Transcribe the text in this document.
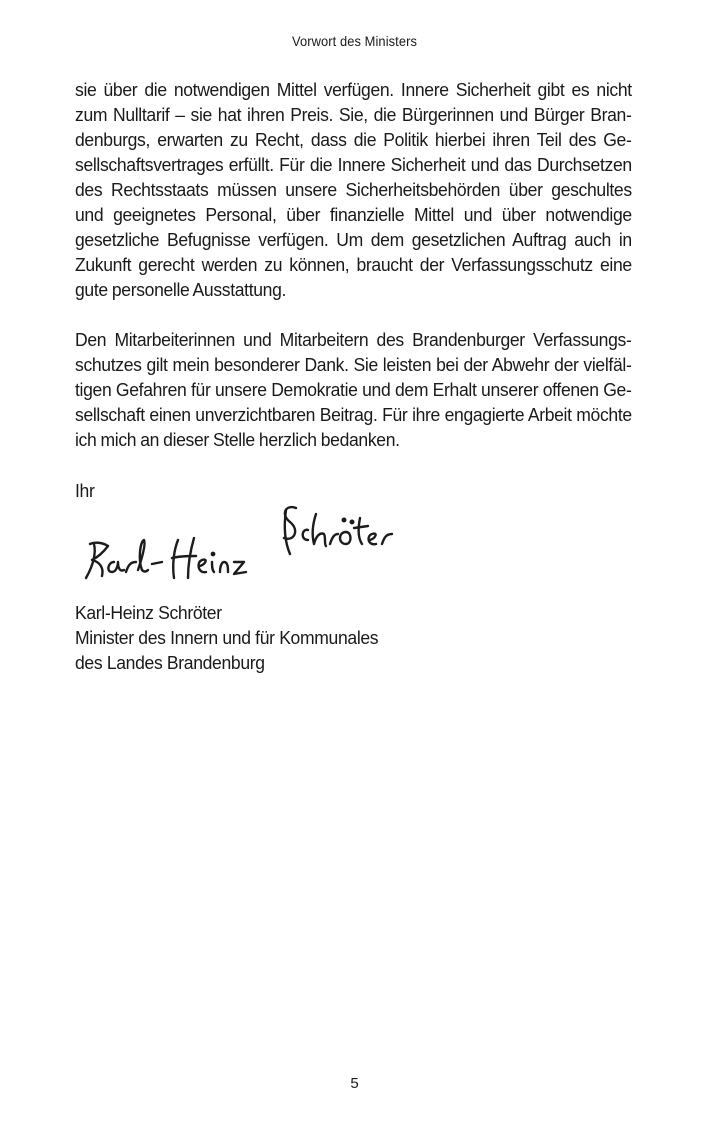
Vorwort des Ministers

sie über die notwendigen Mittel verfügen. Innere Sicherheit gibt es nicht zum Nulltarif – sie hat ihren Preis. Sie, die Bürgerinnen und Bürger Brandenburgs, erwarten zu Recht, dass die Politik hierbei ihren Teil des Gesellschaftsvertrages erfüllt. Für die Innere Sicherheit und das Durchsetzen des Rechtsstaats müssen unsere Sicherheitsbehörden über geschultes und geeignetes Personal, über finanzielle Mittel und über notwendige gesetzliche Befugnisse verfügen. Um dem gesetzlichen Auftrag auch in Zukunft gerecht werden zu können, braucht der Verfassungsschutz eine gute personelle Ausstattung.

Den Mitarbeiterinnen und Mitarbeitern des Brandenburger Verfassungsschutzes gilt mein besonderer Dank. Sie leisten bei der Abwehr der vielfältigen Gefahren für unsere Demokratie und dem Erhalt unserer offenen Gesellschaft einen unverzichtbaren Beitrag. Für ihre engagierte Arbeit möchte ich mich an dieser Stelle herzlich bedanken.

Ihr

Karl-Heinz Schröter
Minister des Innern und für Kommunales
des Landes Brandenburg
5
